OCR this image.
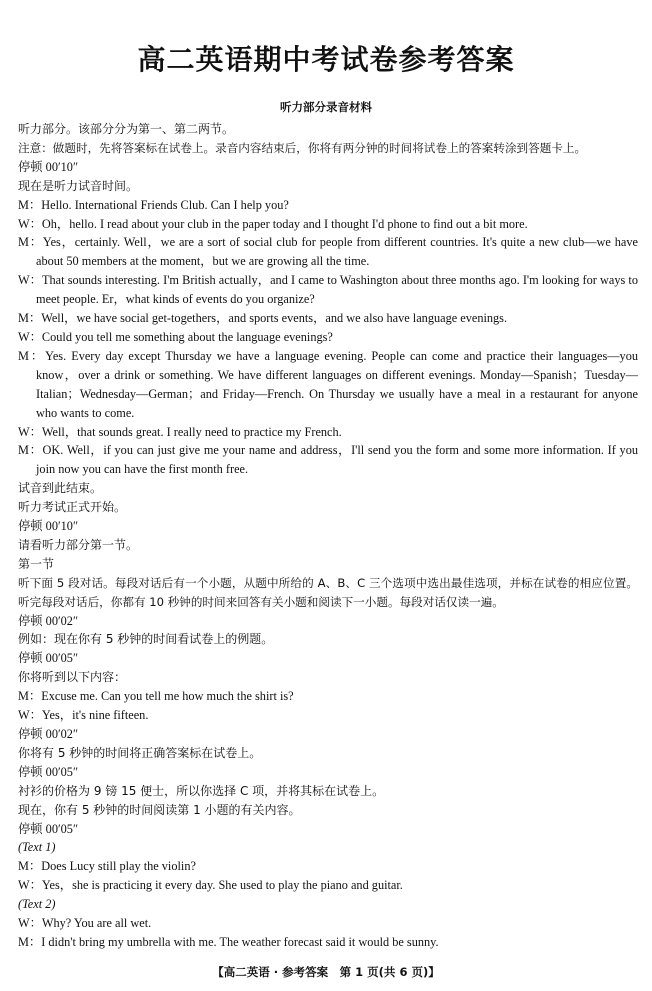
高二英语期中考试卷参考答案
听力部分录音材料
听力部分。该部分分为第一、第二两节。
注意：做题时，先将答案标在试卷上。录音内容结束后，你将有两分钟的时间将试卷上的答案转涂到答题卡上。
停顿 00′10″
现在是听力试音时间。
M：Hello. International Friends Club. Can I help you?
W：Oh，hello. I read about your club in the paper today and I thought I'd phone to find out a bit more.
M：Yes，certainly. Well，we are a sort of social club for people from different countries. It's quite a new club—we have about 50 members at the moment，but we are growing all the time.
W：That sounds interesting. I'm British actually，and I came to Washington about three months ago. I'm looking for ways to meet people. Er，what kinds of events do you organize?
M：Well，we have social get-togethers，and sports events，and we also have language evenings.
W：Could you tell me something about the language evenings?
M：Yes. Every day except Thursday we have a language evening. People can come and practice their languages—you know，over a drink or something. We have different languages on different evenings. Monday—Spanish；Tuesday—Italian；Wednesday—German；and Friday—French. On Thursday we usually have a meal in a restaurant for anyone who wants to come.
W：Well，that sounds great. I really need to practice my French.
M：OK. Well，if you can just give me your name and address，I'll send you the form and some more information. If you join now you can have the first month free.
试音到此结束。
听力考试正式开始。
停顿 00′10″
请看听力部分第一节。
第一节
听下面 5 段对话。每段对话后有一个小题，从题中所给的 A、B、C 三个选项中选出最佳选项，并标在试卷的相应位置。听完每段对话后，你都有 10 秒钟的时间来回答有关小题和阅读下一小题。每段对话仅读一遍。
停顿 00′02″
例如：现在你有 5 秒钟的时间看试卷上的例题。
停顿 00′05″
你将听到以下内容：
M：Excuse me. Can you tell me how much the shirt is?
W：Yes，it's nine fifteen.
停顿 00′02″
你将有 5 秒钟的时间将正确答案标在试卷上。
停顿 00′05″
衬衫的价格为 9 镑 15 便士，所以你选择 C 项，并将其标在试卷上。
现在，你有 5 秒钟的时间阅读第 1 小题的有关内容。
停顿 00′05″
(Text 1)
M：Does Lucy still play the violin?
W：Yes，she is practicing it every day. She used to play the piano and guitar.
(Text 2)
W：Why? You are all wet.
M：I didn't bring my umbrella with me. The weather forecast said it would be sunny.
【高二英语 · 参考答案　第 1 页(共 6 页)】
